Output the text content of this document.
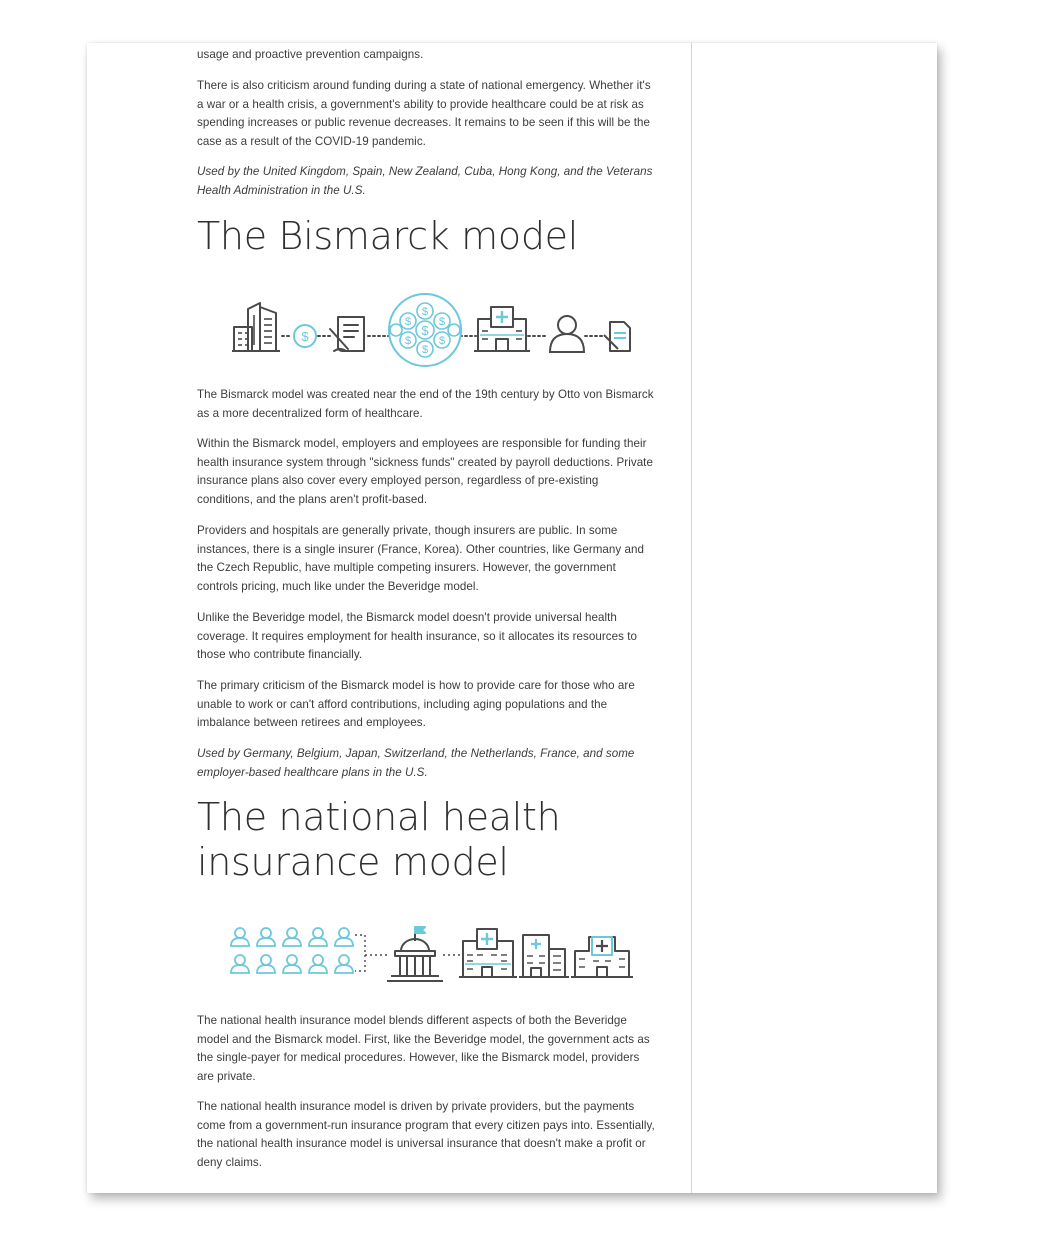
usage and proactive prevention campaigns.

There is also criticism around funding during a state of national emergency. Whether it's a war or a health crisis, a government's ability to provide healthcare could be at risk as spending increases or public revenue decreases. It remains to be seen if this will be the case as a result of the COVID-19 pandemic.

Used by the United Kingdom, Spain, New Zealand, Cuba, Hong Kong, and the Veterans Health Administration in the U.S.

The Bismarck model
$	$
$	$
$	$
$
$

The Bismarck model was created near the end of the 19th century by Otto von Bismarck as a more decentralized form of healthcare.

Within the Bismarck model, employers and employees are responsible for funding their health insurance system through "sickness funds" created by payroll deductions. Private insurance plans also cover every employed person, regardless of pre-existing conditions, and the plans aren't profit-based.

Providers and hospitals are generally private, though insurers are public. In some instances, there is a single insurer (France, Korea). Other countries, like Germany and the Czech Republic, have multiple competing insurers. However, the government controls pricing, much like under the Beveridge model.

Unlike the Beveridge model, the Bismarck model doesn't provide universal health coverage. It requires employment for health insurance, so it allocates its resources to those who contribute financially.

The primary criticism of the Bismarck model is how to provide care for those who are unable to work or can't afford contributions, including aging populations and the imbalance between retirees and employees.

Used by Germany, Belgium, Japan, Switzerland, the Netherlands, France, and some employer-based healthcare plans in the U.S.

The national health
insurance model

The national health insurance model blends different aspects of both the Beveridge model and the Bismarck model. First, like the Beveridge model, the government acts as the single-payer for medical procedures. However, like the Bismarck model, providers are private.

The national health insurance model is driven by private providers, but the payments come from a government-run insurance program that every citizen pays into. Essentially, the national health insurance model is universal insurance that doesn't make a profit or deny claims.
